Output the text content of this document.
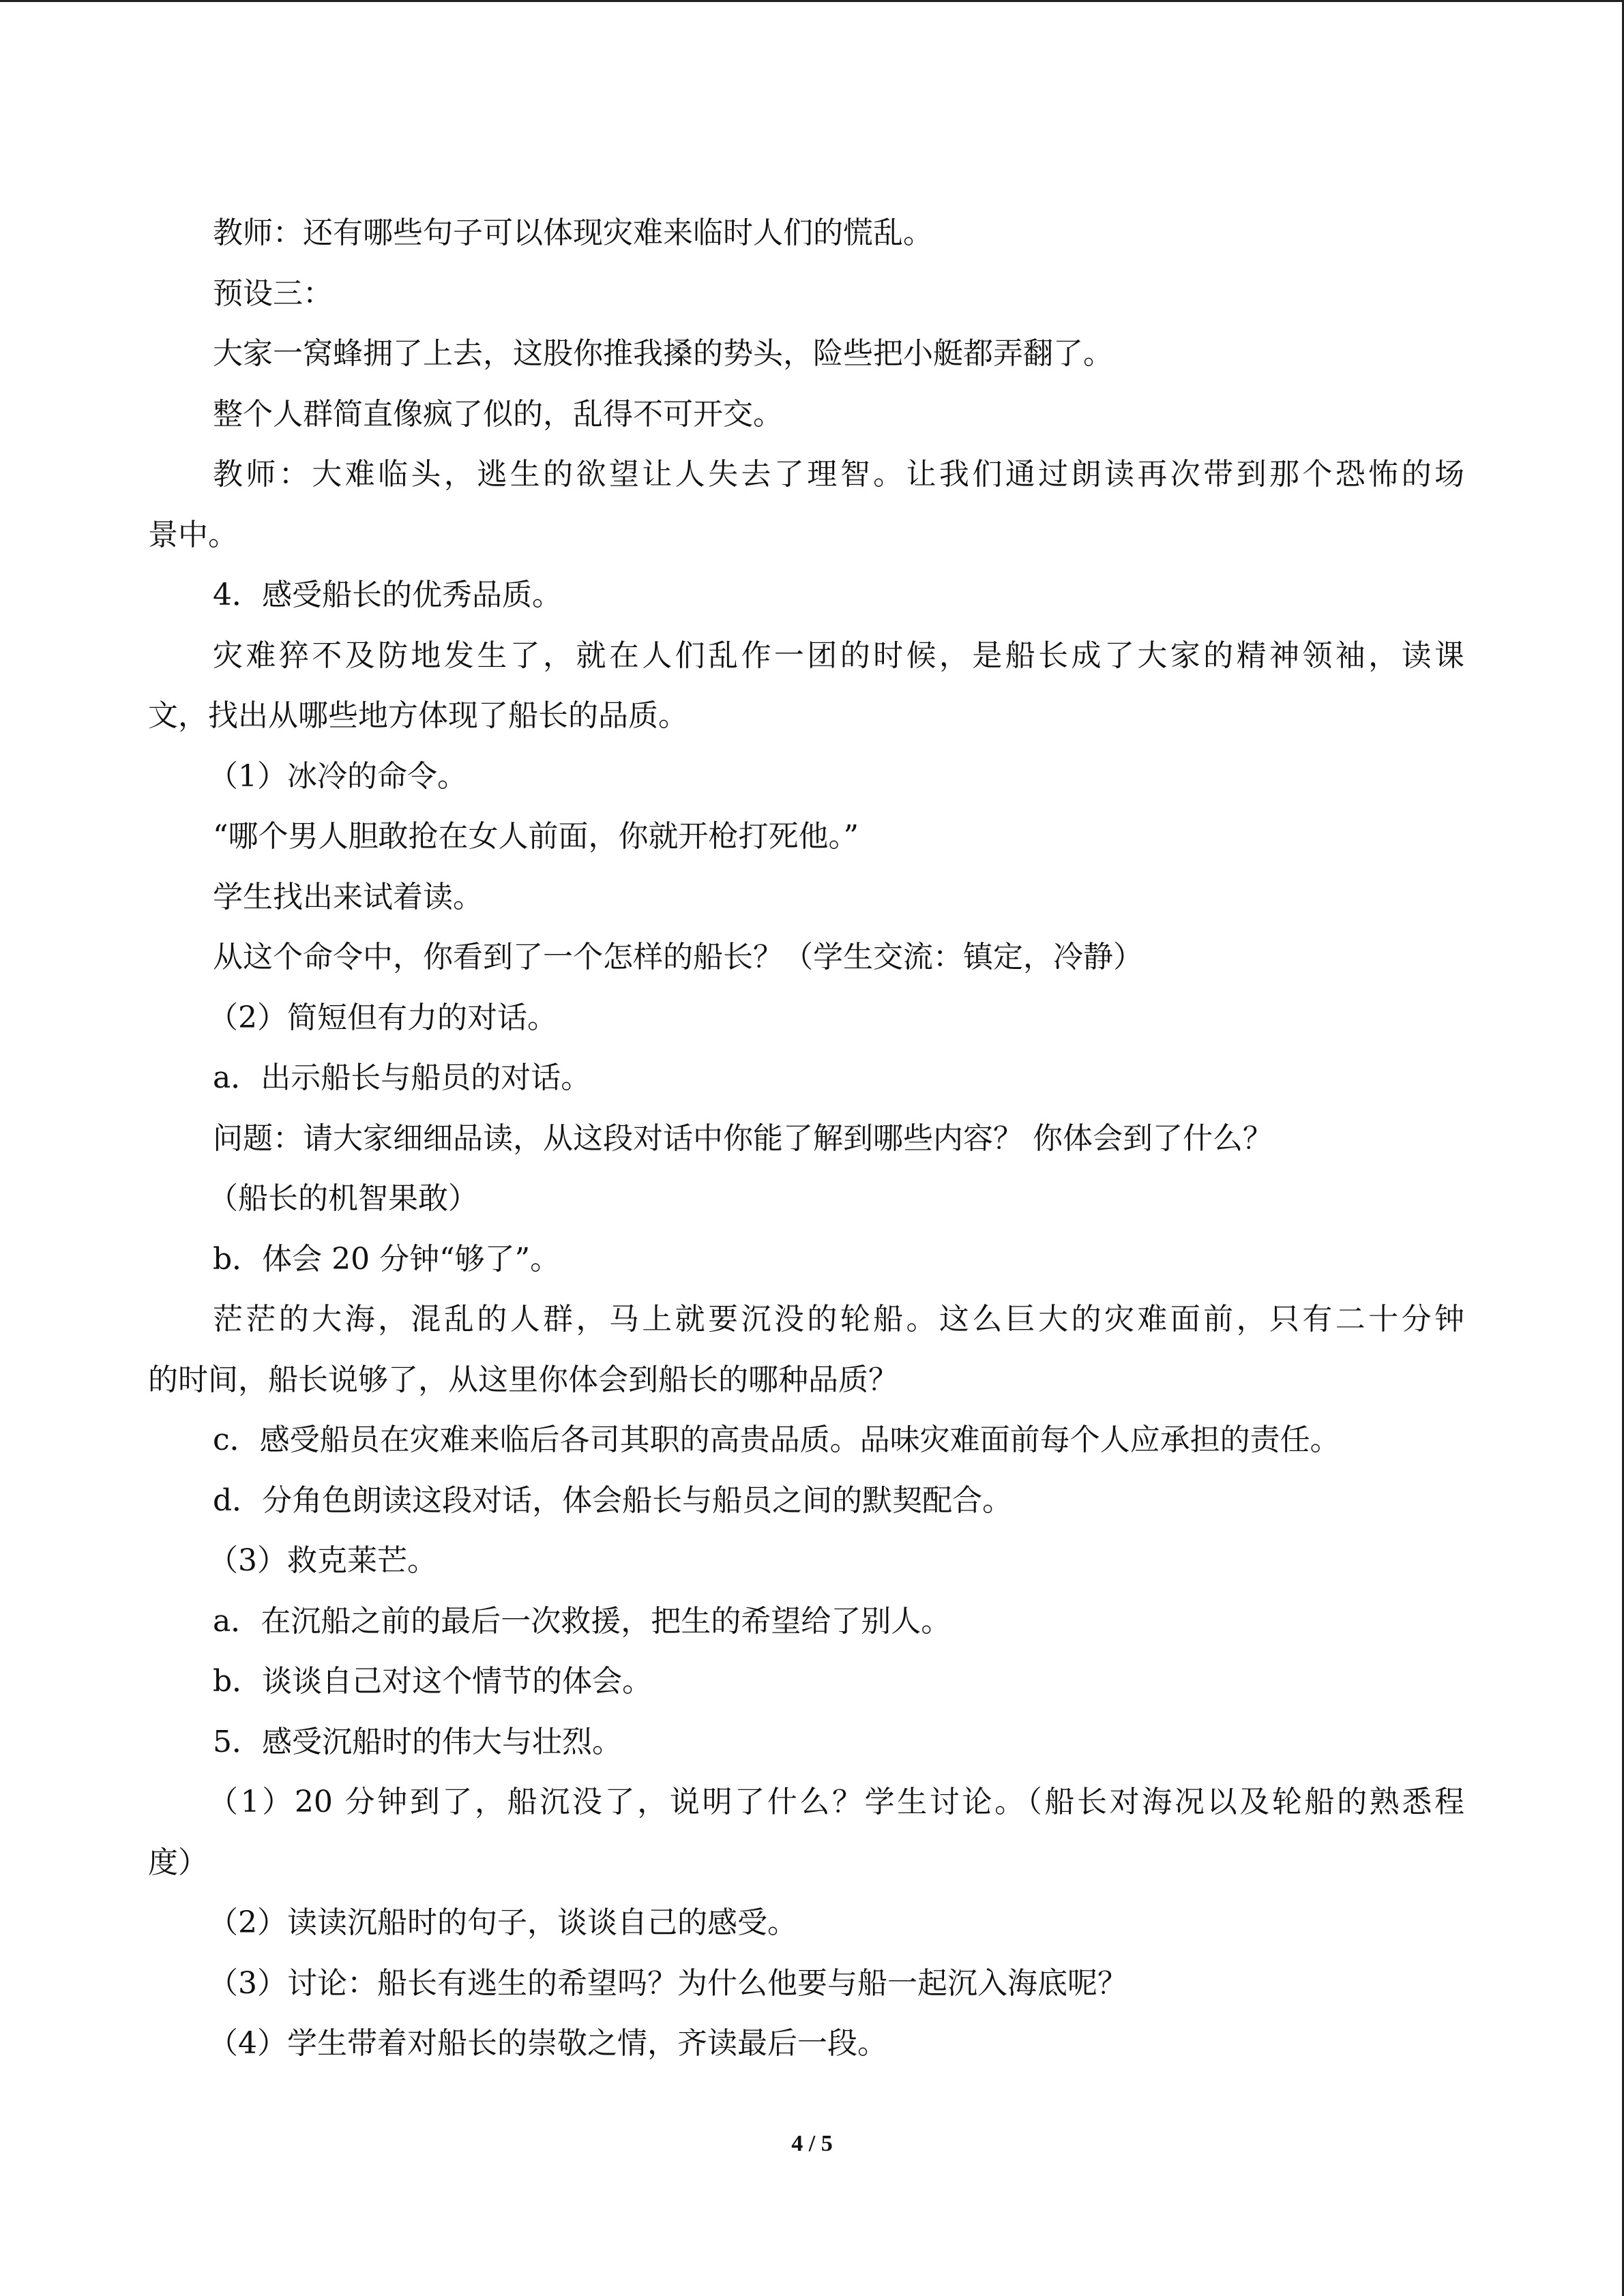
教师：还有哪些句子可以体现灾难来临时人们的慌乱。
预设三：
大家一窝蜂拥了上去，这股你推我搡的势头，险些把小艇都弄翻了。
整个人群简直像疯了似的，乱得不可开交。
教师：大难临头，逃生的欲望让人失去了理智。让我们通过朗读再次带到那个恐怖的场
景中。
4．感受船长的优秀品质。
灾难猝不及防地发生了，就在人们乱作一团的时候，是船长成了大家的精神领袖，读课
文，找出从哪些地方体现了船长的品质。
（1）冰冷的命令。
“哪个男人胆敢抢在女人前面，你就开枪打死他。”
学生找出来试着读。
从这个命令中，你看到了一个怎样的船长？（学生交流：镇定，冷静）
（2）简短但有力的对话。
a．出示船长与船员的对话。
问题：请大家细细品读，从这段对话中你能了解到哪些内容？ 你体会到了什么？
（船长的机智果敢）
b．体会 20 分钟“够了”。
茫茫的大海，混乱的人群，马上就要沉没的轮船。这么巨大的灾难面前，只有二十分钟
的时间，船长说够了，从这里你体会到船长的哪种品质？
c．感受船员在灾难来临后各司其职的高贵品质。品味灾难面前每个人应承担的责任。
d．分角色朗读这段对话，体会船长与船员之间的默契配合。
（3）救克莱芒。
a．在沉船之前的最后一次救援，把生的希望给了别人。
b．谈谈自己对这个情节的体会。
5．感受沉船时的伟大与壮烈。
（1）20 分钟到了，船沉没了，说明了什么？学生讨论。（船长对海况以及轮船的熟悉程
度）
（2）读读沉船时的句子，谈谈自己的感受。
（3）讨论：船长有逃生的希望吗？为什么他要与船一起沉入海底呢？
（4）学生带着对船长的崇敬之情，齐读最后一段。
4 / 5
